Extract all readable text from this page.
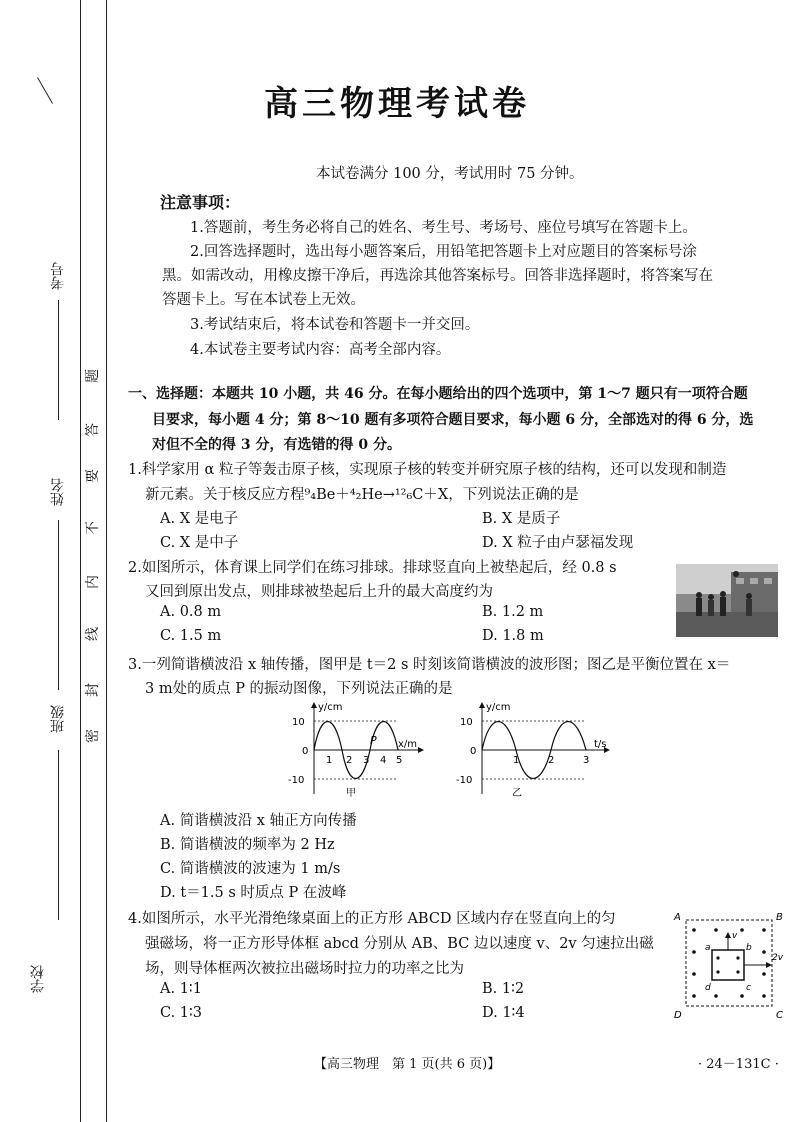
考号
姓名
班级
学校
密
封
线
内
不
要
答
题
高三物理考试卷
本试卷满分 100 分，考试用时 75 分钟。
注意事项：
1.答题前，考生务必将自己的姓名、考生号、考场号、座位号填写在答题卡上。
2.回答选择题时，选出每小题答案后，用铅笔把答题卡上对应题目的答案标号涂
黑。如需改动，用橡皮擦干净后，再选涂其他答案标号。回答非选择题时，将答案写在
答题卡上。写在本试卷上无效。
3.考试结束后，将本试卷和答题卡一并交回。
4.本试卷主要考试内容：高考全部内容。
一、选择题：本题共 10 小题，共 46 分。在每小题给出的四个选项中，第 1～7 题只有一项符合题
目要求，每小题 4 分；第 8～10 题有多项符合题目要求，每小题 6 分，全部选对的得 6 分，选
对但不全的得 3 分，有选错的得 0 分。
1.科学家用 α 粒子等轰击原子核，实现原子核的转变并研究原子核的结构，还可以发现和制造
新元素。关于核反应方程⁹₄Be＋⁴₂He→¹²₆C＋X，下列说法正确的是
A. X 是电子	B. X 是质子
C. X 是中子	D. X 粒子由卢瑟福发现
2.如图所示，体育课上同学们在练习排球。排球竖直向上被垫起后，经 0.8 s
又回到原出发点，则排球被垫起后上升的最大高度约为
A. 0.8 m	B. 1.2 m
C. 1.5 m	D. 1.8 m
3.一列简谐横波沿 x 轴传播，图甲是 t＝2 s 时刻该简谐横波的波形图；图乙是平衡位置在 x＝
3 m处的质点 P 的振动图像，下列说法正确的是
y/cm
x/m
10
0
-10
1 2 3 4 5
P
甲
y/cm
t/s
10
0
-10
1	2	3
乙
A. 简谐横波沿 x 轴正方向传播
B. 简谐横波的频率为 2 Hz
C. 简谐横波的波速为 1 m/s
D. t＝1.5 s 时质点 P 在波峰
4.如图所示，水平光滑绝缘桌面上的正方形 ABCD 区域内存在竖直向上的匀
强磁场，将一正方形导体框 abcd 分别从 AB、BC 边以速度 v、2v 匀速拉出磁
场，则导体框两次被拉出磁场时拉力的功率之比为
A. 1∶1	B. 1∶2
C. 1∶3	D. 1∶4
A	B
C
D
a	b
c
d
v
2v
【高三物理　第 1 页(共 6 页)】	· 24－131C ·
